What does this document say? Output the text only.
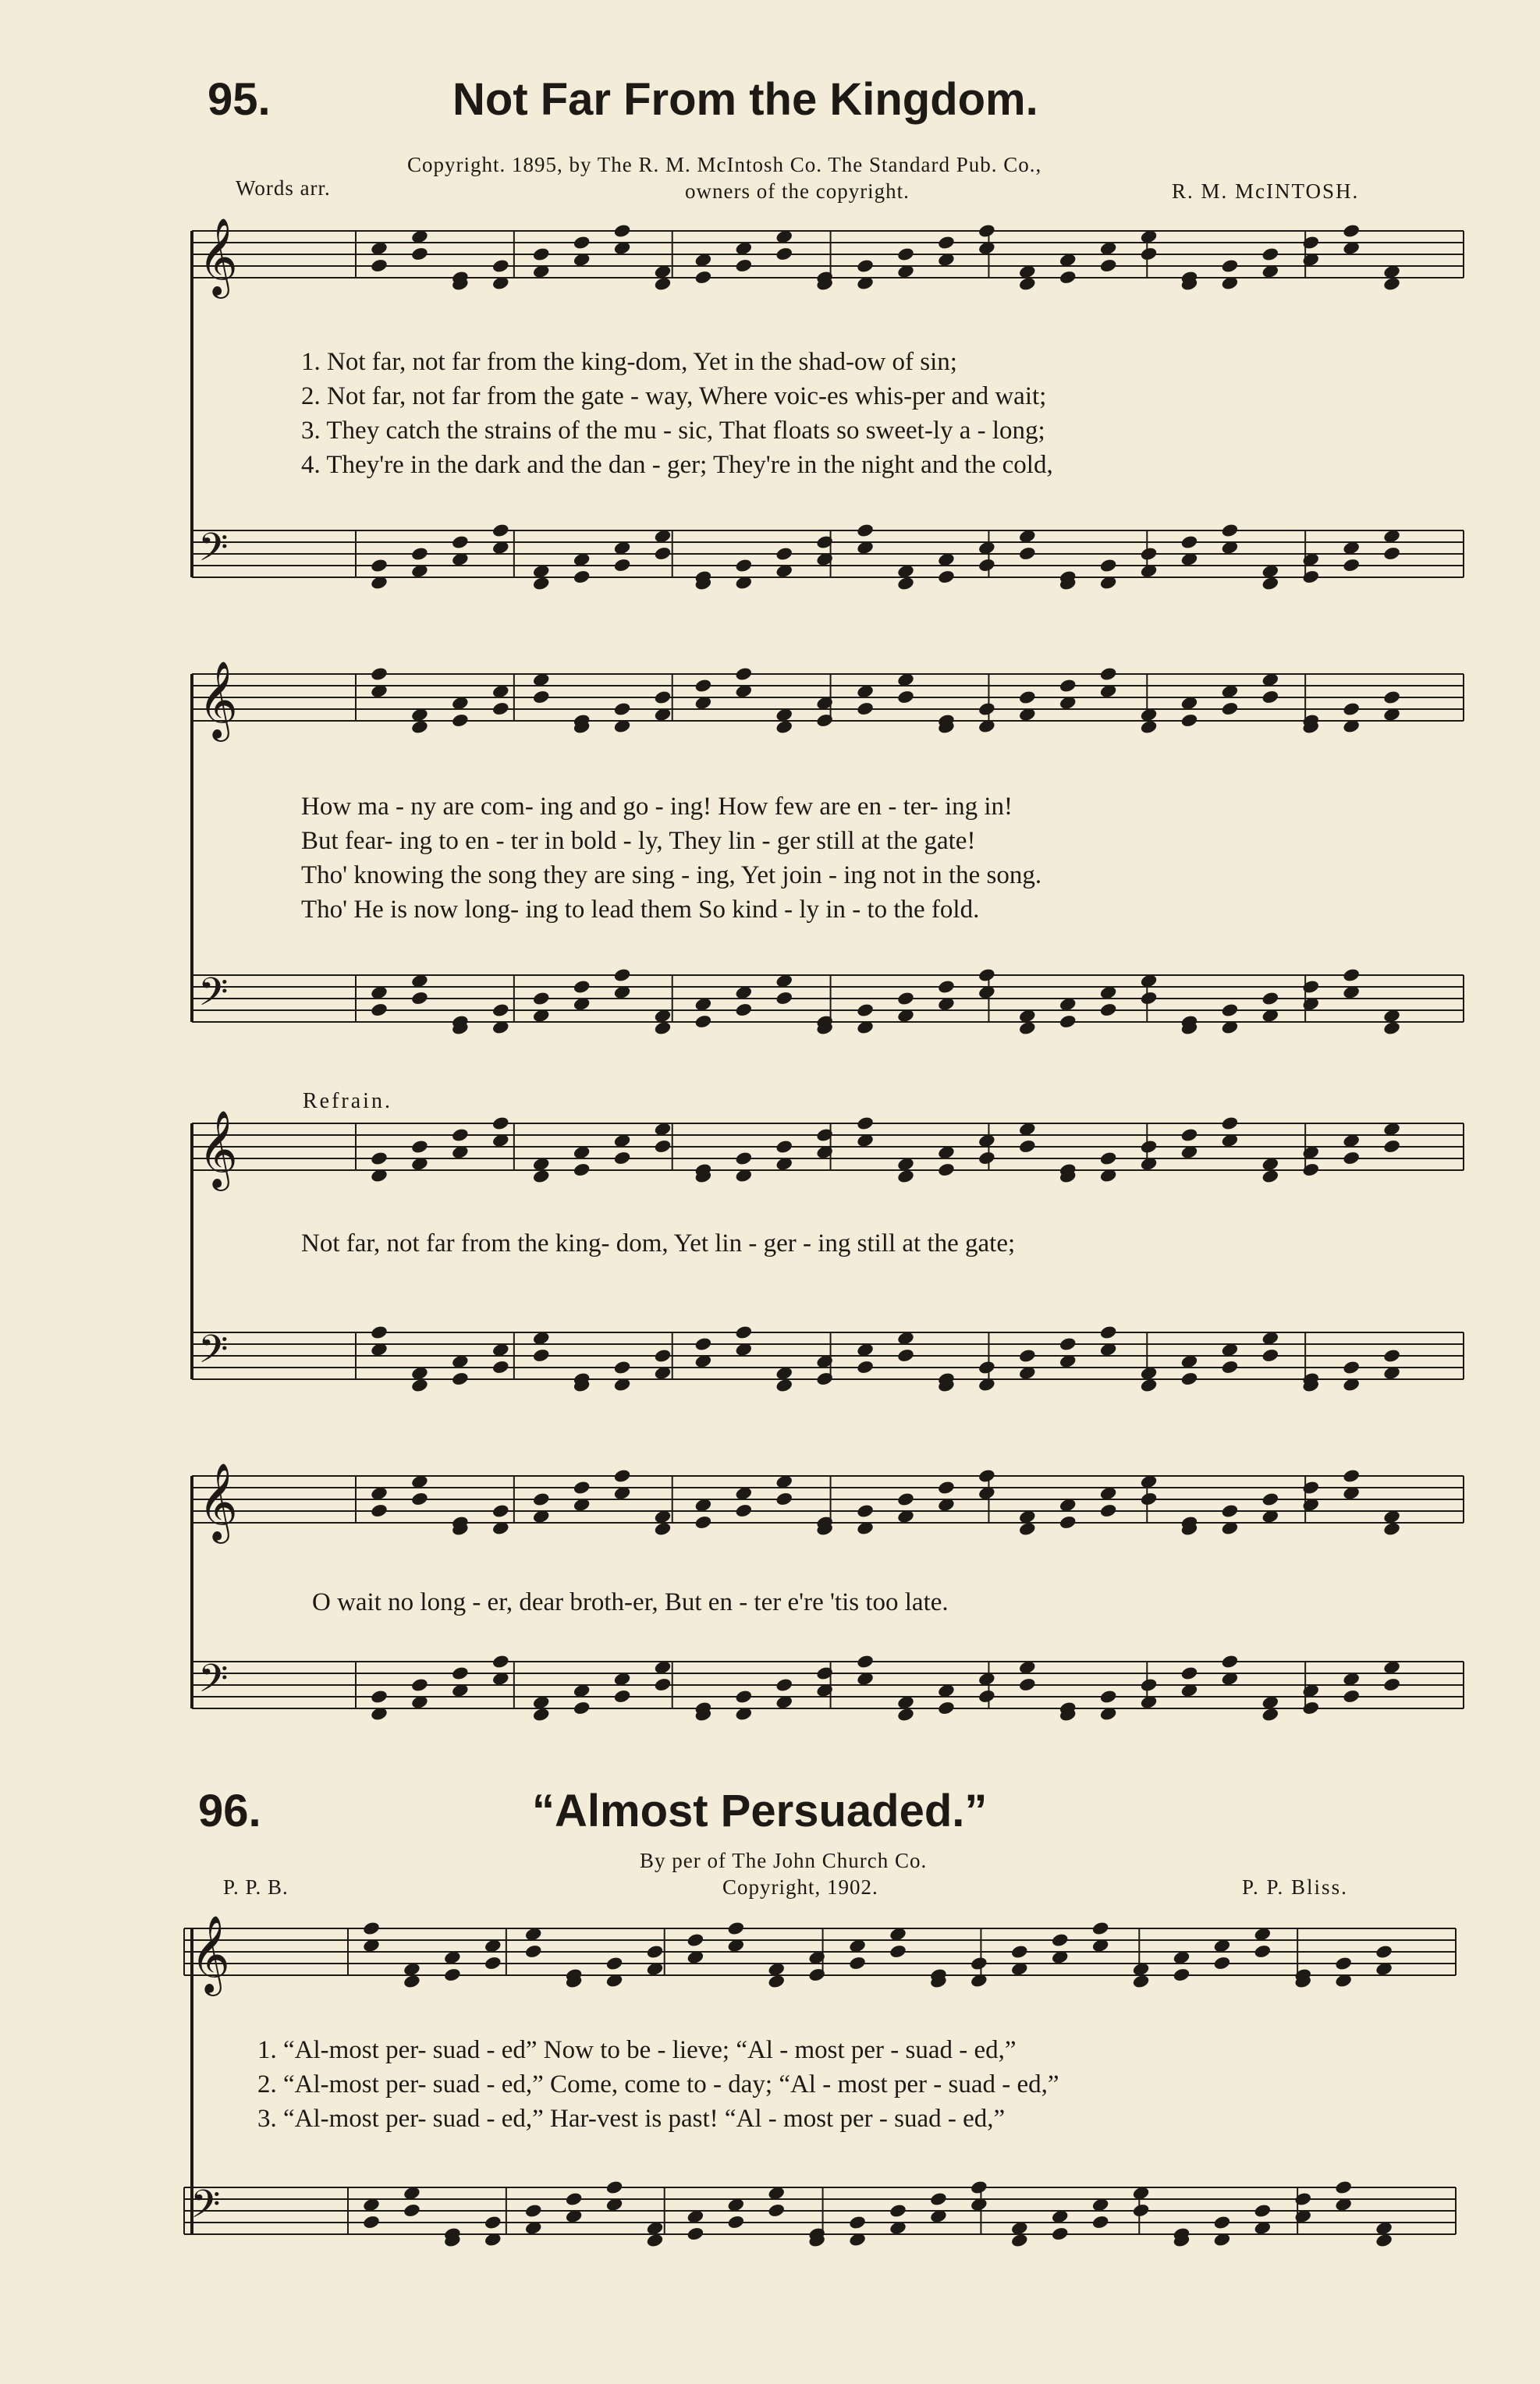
95.	Not Far From the Kingdom.
Copyright. 1895, by The R. M. McIntosh Co. The Standard Pub. Co.,
Words arr.	owners of the copyright.	R. M. McINTOSH.
𝄞
𝄢
𝄞
𝄢
𝄞
𝄢
𝄞
𝄢
𝄞
𝄢
1. Not far, not far from the king-dom, Yet in the shad-ow of sin;
2. Not far, not far from the gate - way, Where voic-es whis-per and wait;
3. They catch the strains of the mu - sic, That floats so sweet-ly a - long;
4. They're in the dark and the dan - ger; They're in the night and the cold,
How ma - ny are com- ing and go - ing! How few are en - ter- ing in!
But fear- ing to en - ter in bold - ly, They lin - ger still at the gate!
Tho' knowing the song they are sing - ing, Yet join - ing not in the song.
Tho' He is now long- ing to lead them So kind - ly in - to the fold.
Refrain.
Not far, not far from the king- dom, Yet lin - ger - ing still at the gate;
O wait no long - er, dear broth-er, But en - ter e're 'tis too late.
96.	“Almost Persuaded.”
By per of The John Church Co.
P. P. B.	Copyright, 1902.	P. P. Bliss.
1. “Al-most per- suad - ed” Now to be - lieve; “Al - most per - suad - ed,”
2. “Al-most per- suad - ed,” Come, come to - day; “Al - most per - suad - ed,”
3. “Al-most per- suad - ed,” Har-vest is past! “Al - most per - suad - ed,”
